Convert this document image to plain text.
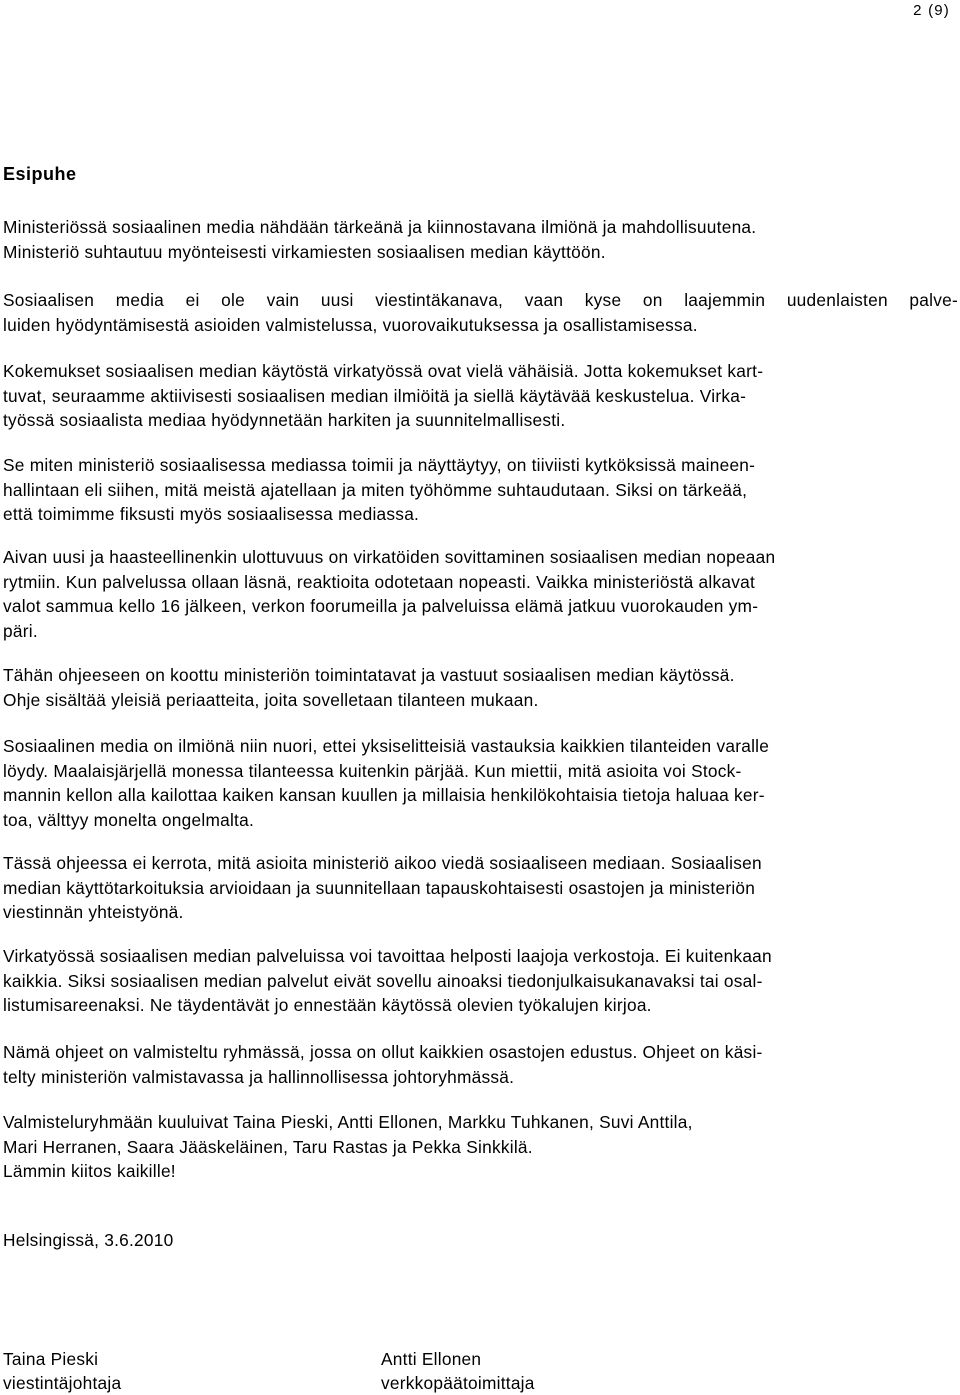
2 (9)
Esipuhe
Ministeriössä sosiaalinen media nähdään tärkeänä ja kiinnostavana ilmiönä ja mahdollisuutena.
Ministeriö suhtautuu myönteisesti virkamiesten sosiaalisen median käyttöön.
Sosiaalisen media ei ole vain uusi viestintäkanava, vaan kyse on laajemmin uudenlaisten palve-
luiden hyödyntämisestä asioiden valmistelussa, vuorovaikutuksessa ja osallistamisessa.
Kokemukset sosiaalisen median käytöstä virkatyössä ovat vielä vähäisiä. Jotta kokemukset kart-
tuvat, seuraamme aktiivisesti sosiaalisen median ilmiöitä ja siellä käytävää keskustelua. Virka-
työssä sosiaalista mediaa hyödynnetään harkiten ja suunnitelmallisesti.
Se miten ministeriö sosiaalisessa mediassa toimii ja näyttäytyy, on tiiviisti kytköksissä maineen-
hallintaan eli siihen, mitä meistä ajatellaan ja miten työhömme suhtaudutaan. Siksi on tärkeää,
että toimimme fiksusti myös sosiaalisessa mediassa.
Aivan uusi ja haasteellinenkin ulottuvuus on virkatöiden sovittaminen sosiaalisen median nopeaan
rytmiin. Kun palvelussa ollaan läsnä, reaktioita odotetaan nopeasti. Vaikka ministeriöstä alkavat
valot sammua kello 16 jälkeen, verkon foorumeilla ja palveluissa elämä jatkuu vuorokauden ym-
päri.
Tähän ohjeeseen on koottu ministeriön toimintatavat ja vastuut sosiaalisen median käytössä.
Ohje sisältää yleisiä periaatteita, joita sovelletaan tilanteen mukaan.
Sosiaalinen media on ilmiönä niin nuori, ettei yksiselitteisiä vastauksia kaikkien tilanteiden varalle
löydy. Maalaisjärjellä monessa tilanteessa kuitenkin pärjää. Kun miettii, mitä asioita voi Stock-
mannin kellon alla kailottaa kaiken kansan kuullen ja millaisia henkilökohtaisia tietoja haluaa ker-
toa, välttyy monelta ongelmalta.
Tässä ohjeessa ei kerrota, mitä asioita ministeriö aikoo viedä sosiaaliseen mediaan. Sosiaalisen
median käyttötarkoituksia arvioidaan ja suunnitellaan tapauskohtaisesti osastojen ja ministeriön
viestinnän yhteistyönä.
Virkatyössä sosiaalisen median palveluissa voi tavoittaa helposti laajoja verkostoja. Ei kuitenkaan
kaikkia. Siksi sosiaalisen median palvelut eivät sovellu ainoaksi tiedonjulkaisukanavaksi tai osal-
listumisareenaksi. Ne täydentävät jo ennestään käytössä olevien työkalujen kirjoa.
Nämä ohjeet on valmisteltu ryhmässä, jossa on ollut kaikkien osastojen edustus. Ohjeet on käsi-
telty ministeriön valmistavassa ja hallinnollisessa johtoryhmässä.
Valmisteluryhmään kuuluivat Taina Pieski, Antti Ellonen, Markku Tuhkanen, Suvi Anttila,
Mari Herranen, Saara Jääskeläinen, Taru Rastas ja Pekka Sinkkilä.
Lämmin kiitos kaikille!
Helsingissä, 3.6.2010
Taina Pieski
viestintäjohtaja
Antti Ellonen
verkkopäätoimittaja
